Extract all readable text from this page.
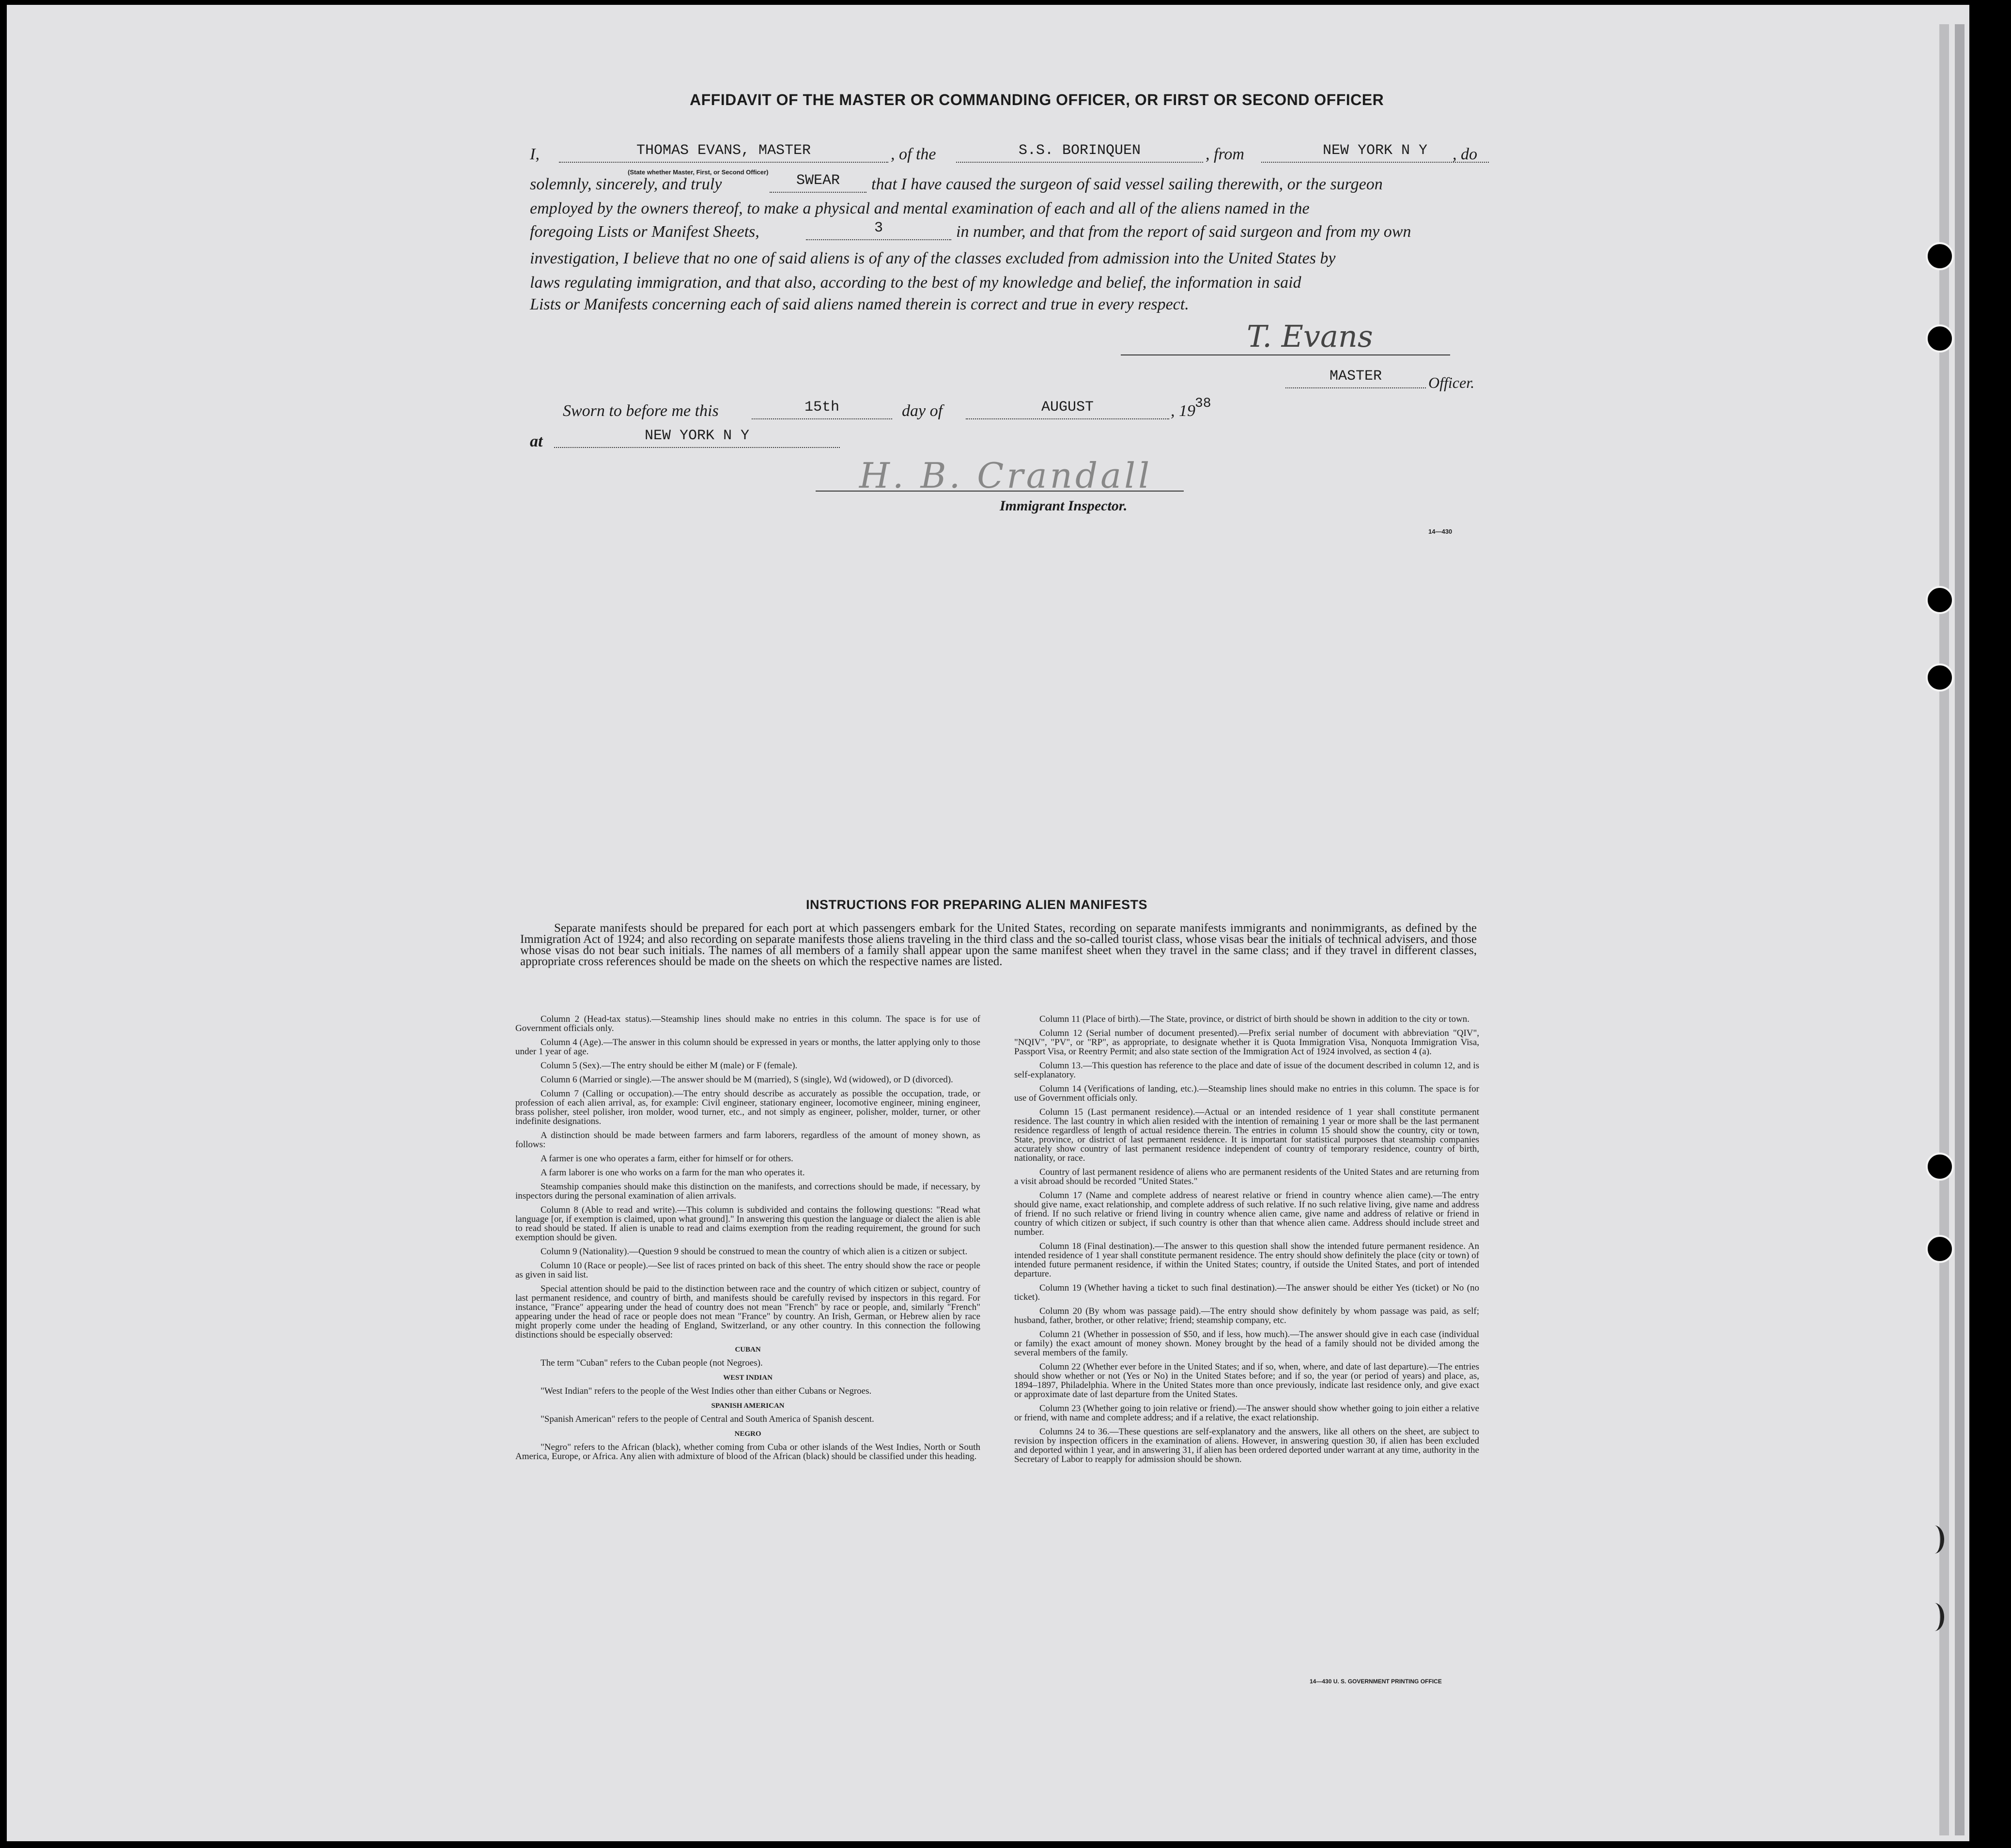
AFFIDAVIT OF THE MASTER OR COMMANDING OFFICER, OR FIRST OR SECOND OFFICER
I,	THOMAS EVANS, MASTER	, of the	S.S. BORINQUEN	, from	NEW YORK N Y	, do
(State whether Master, First, or Second Officer)
solemnly, sincerely, and truly	SWEAR	that I have caused the surgeon of said vessel sailing therewith, or the surgeon
employed by the owners thereof, to make a physical and mental examination of each and all of the aliens named in the
foregoing Lists or Manifest Sheets,	3	in number, and that from the report of said surgeon and from my own
investigation, I believe that no one of said aliens is of any of the classes excluded from admission into the United States by
laws regulating immigration, and that also, according to the best of my knowledge and belief, the information in said
Lists or Manifests concerning each of said aliens named therein is correct and true in every respect.
T. Evans
MASTER	Officer.
Sworn to before me this	15th	day of	AUGUST	, 19 38
at	NEW YORK N Y
H. B. Crandall
Immigrant Inspector.
14—430
INSTRUCTIONS FOR PREPARING ALIEN MANIFESTS
Separate manifests should be prepared for each port at which passengers embark for the United States, recording on separate manifests immigrants and nonimmigrants, as defined by the Immigration Act of 1924; and also recording on separate manifests those aliens traveling in the third class and the so-called tourist class, whose visas bear the initials of technical advisers, and those whose visas do not bear such initials. The names of all members of a family shall appear upon the same manifest sheet when they travel in the same class; and if they travel in different classes, appropriate cross references should be made on the sheets on which the respective names are listed.

Column 2 (Head-tax status).—Steamship lines should make no entries in this column. The space is for use of Government officials only.

Column 4 (Age).—The answer in this column should be expressed in years or months, the latter applying only to those under 1 year of age.

Column 5 (Sex).—The entry should be either M (male) or F (female).

Column 6 (Married or single).—The answer should be M (married), S (single), Wd (widowed), or D (divorced).

Column 7 (Calling or occupation).—The entry should describe as accurately as possible the occupation, trade, or profession of each alien arrival, as, for example: Civil engineer, stationary engineer, locomotive engineer, mining engineer, brass polisher, steel polisher, iron molder, wood turner, etc., and not simply as engineer, polisher, molder, turner, or other indefinite designations.

A distinction should be made between farmers and farm laborers, regardless of the amount of money shown, as follows:

A farmer is one who operates a farm, either for himself or for others.

A farm laborer is one who works on a farm for the man who operates it.

Steamship companies should make this distinction on the manifests, and corrections should be made, if necessary, by inspectors during the personal examination of alien arrivals.

Column 8 (Able to read and write).—This column is subdivided and contains the following questions: "Read what language [or, if exemption is claimed, upon what ground]." In answering this question the language or dialect the alien is able to read should be stated. If alien is unable to read and claims exemption from the reading requirement, the ground for such exemption should be given.

Column 9 (Nationality).—Question 9 should be construed to mean the country of which alien is a citizen or subject.

Column 10 (Race or people).—See list of races printed on back of this sheet. The entry should show the race or people as given in said list.

Special attention should be paid to the distinction between race and the country of which citizen or subject, country of last permanent residence, and country of birth, and manifests should be carefully revised by inspectors in this regard. For instance, "France" appearing under the head of country does not mean "French" by race or people, and, similarly "French" appearing under the head of race or people does not mean "France" by country. An Irish, German, or Hebrew alien by race might properly come under the heading of England, Switzerland, or any other country. In this connection the following distinctions should be especially observed:

CUBAN

The term "Cuban" refers to the Cuban people (not Negroes).

WEST INDIAN

"West Indian" refers to the people of the West Indies other than either Cubans or Negroes.

SPANISH AMERICAN

"Spanish American" refers to the people of Central and South America of Spanish descent.

NEGRO

"Negro" refers to the African (black), whether coming from Cuba or other islands of the West Indies, North or South America, Europe, or Africa. Any alien with admixture of blood of the African (black) should be classified under this heading.

Column 11 (Place of birth).—The State, province, or district of birth should be shown in addition to the city or town.

Column 12 (Serial number of document presented).—Prefix serial number of document with abbreviation "QIV", "NQIV", "PV", or "RP", as appropriate, to designate whether it is Quota Immigration Visa, Nonquota Immigration Visa, Passport Visa, or Reentry Permit; and also state section of the Immigration Act of 1924 involved, as section 4 (a).

Column 13.—This question has reference to the place and date of issue of the document described in column 12, and is self-explanatory.

Column 14 (Verifications of landing, etc.).—Steamship lines should make no entries in this column. The space is for use of Government officials only.

Column 15 (Last permanent residence).—Actual or an intended residence of 1 year shall constitute permanent residence. The last country in which alien resided with the intention of remaining 1 year or more shall be the last permanent residence regardless of length of actual residence therein. The entries in column 15 should show the country, city or town, State, province, or district of last permanent residence. It is important for statistical purposes that steamship companies accurately show country of last permanent residence independent of country of temporary residence, country of birth, nationality, or race.

Country of last permanent residence of aliens who are permanent residents of the United States and are returning from a visit abroad should be recorded "United States."

Column 17 (Name and complete address of nearest relative or friend in country whence alien came).—The entry should give name, exact relationship, and complete address of such relative. If no such relative living, give name and address of friend. If no such relative or friend living in country whence alien came, give name and address of relative or friend in country of which citizen or subject, if such country is other than that whence alien came. Address should include street and number.

Column 18 (Final destination).—The answer to this question shall show the intended future permanent residence. An intended residence of 1 year shall constitute permanent residence. The entry should show definitely the place (city or town) of intended future permanent residence, if within the United States; country, if outside the United States, and port of intended departure.

Column 19 (Whether having a ticket to such final destination).—The answer should be either Yes (ticket) or No (no ticket).

Column 20 (By whom was passage paid).—The entry should show definitely by whom passage was paid, as self; husband, father, brother, or other relative; friend; steamship company, etc.

Column 21 (Whether in possession of $50, and if less, how much).—The answer should give in each case (individual or family) the exact amount of money shown. Money brought by the head of a family should not be divided among the several members of the family.

Column 22 (Whether ever before in the United States; and if so, when, where, and date of last departure).—The entries should show whether or not (Yes or No) in the United States before; and if so, the year (or period of years) and place, as, 1894–1897, Philadelphia. Where in the United States more than once previously, indicate last residence only, and give exact or approximate date of last departure from the United States.

Column 23 (Whether going to join relative or friend).—The answer should show whether going to join either a relative or friend, with name and complete address; and if a relative, the exact relationship.

Columns 24 to 36.—These questions are self-explanatory and the answers, like all others on the sheet, are subject to revision by inspection officers in the examination of aliens. However, in answering question 30, if alien has been excluded and deported within 1 year, and in answering 31, if alien has been ordered deported under warrant at any time, authority in the Secretary of Labor to reapply for admission should be shown.

14—430 U. S. GOVERNMENT PRINTING OFFICE
